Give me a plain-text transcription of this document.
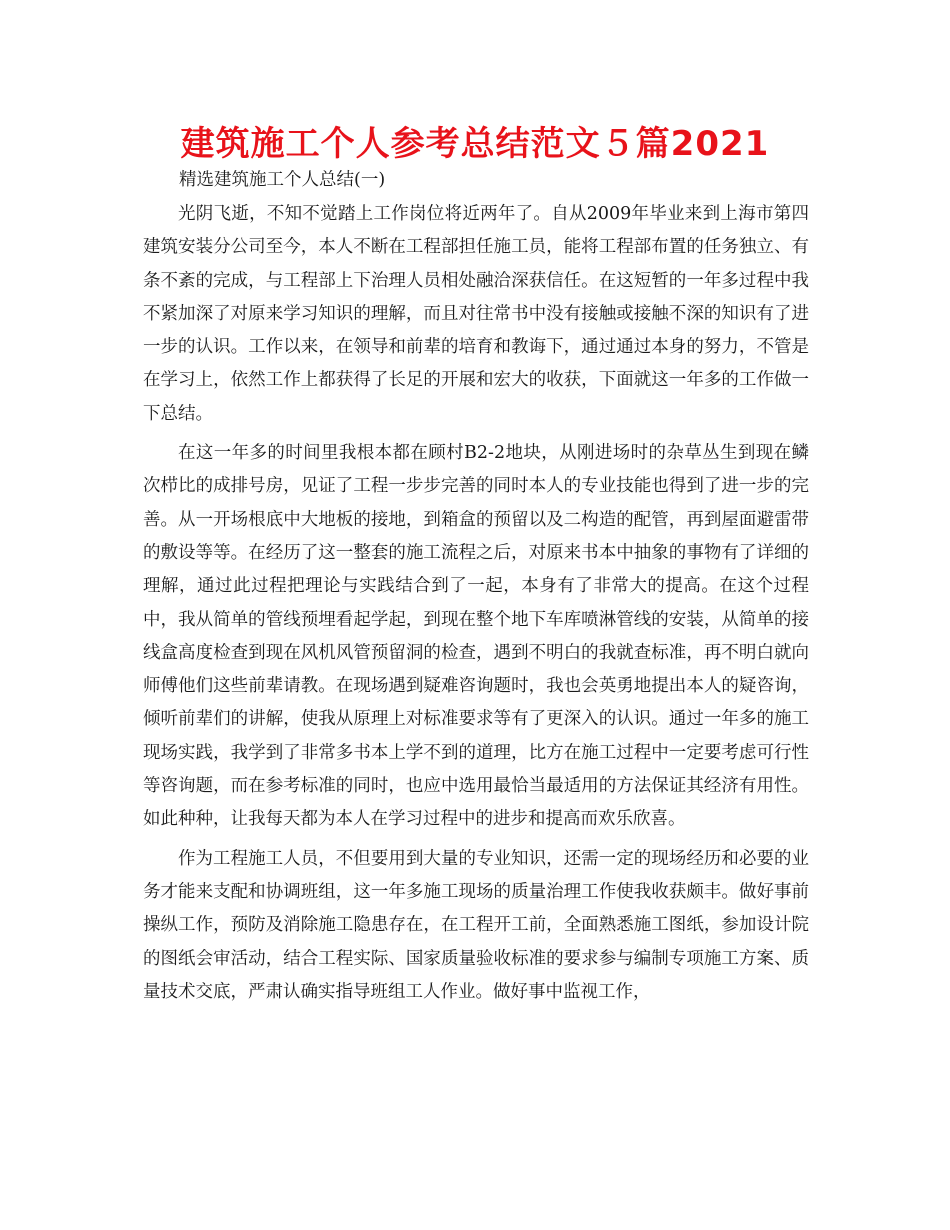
建筑施工个人参考总结范文５篇2021
精选建筑施工个人总结(一)

光阴飞逝，不知不觉踏上工作岗位将近两年了。自从2009年毕业来到上海市第四建筑安装分公司至今，本人不断在工程部担任施工员，能将工程部布置的任务独立、有条不紊的完成，与工程部上下治理人员相处融洽深获信任。在这短暂的一年多过程中我不紧加深了对原来学习知识的理解，而且对往常书中没有接触或接触不深的知识有了进一步的认识。工作以来，在领导和前辈的培育和教诲下，通过通过本身的努力，不管是在学习上，依然工作上都获得了长足的开展和宏大的收获，下面就这一年多的工作做一下总结。

在这一年多的时间里我根本都在顾村B2-2地块，从刚进场时的杂草丛生到现在鳞次栉比的成排号房，见证了工程一步步完善的同时本人的专业技能也得到了进一步的完善。从一开场根底中大地板的接地，到箱盒的预留以及二构造的配管，再到屋面避雷带的敷设等等。在经历了这一整套的施工流程之后，对原来书本中抽象的事物有了详细的理解，通过此过程把理论与实践结合到了一起，本身有了非常大的提高。在这个过程中，我从简单的管线预埋看起学起，到现在整个地下车库喷淋管线的安装，从简单的接线盒高度检查到现在风机风管预留洞的检查，遇到不明白的我就查标准，再不明白就向师傅他们这些前辈请教。在现场遇到疑难咨询题时，我也会英勇地提出本人的疑咨询，倾听前辈们的讲解，使我从原理上对标准要求等有了更深入的认识。通过一年多的施工现场实践，我学到了非常多书本上学不到的道理，比方在施工过程中一定要考虑可行性等咨询题，而在参考标准的同时，也应中选用最恰当最适用的方法保证其经济有用性。如此种种，让我每天都为本人在学习过程中的进步和提高而欢乐欣喜。

作为工程施工人员，不但要用到大量的专业知识，还需一定的现场经历和必要的业务才能来支配和协调班组，这一年多施工现场的质量治理工作使我收获颇丰。做好事前操纵工作，预防及消除施工隐患存在，在工程开工前，全面熟悉施工图纸，参加设计院的图纸会审活动，结合工程实际、国家质量验收标准的要求参与编制专项施工方案、质量技术交底，严肃认确实指导班组工人作业。做好事中监视工作，
